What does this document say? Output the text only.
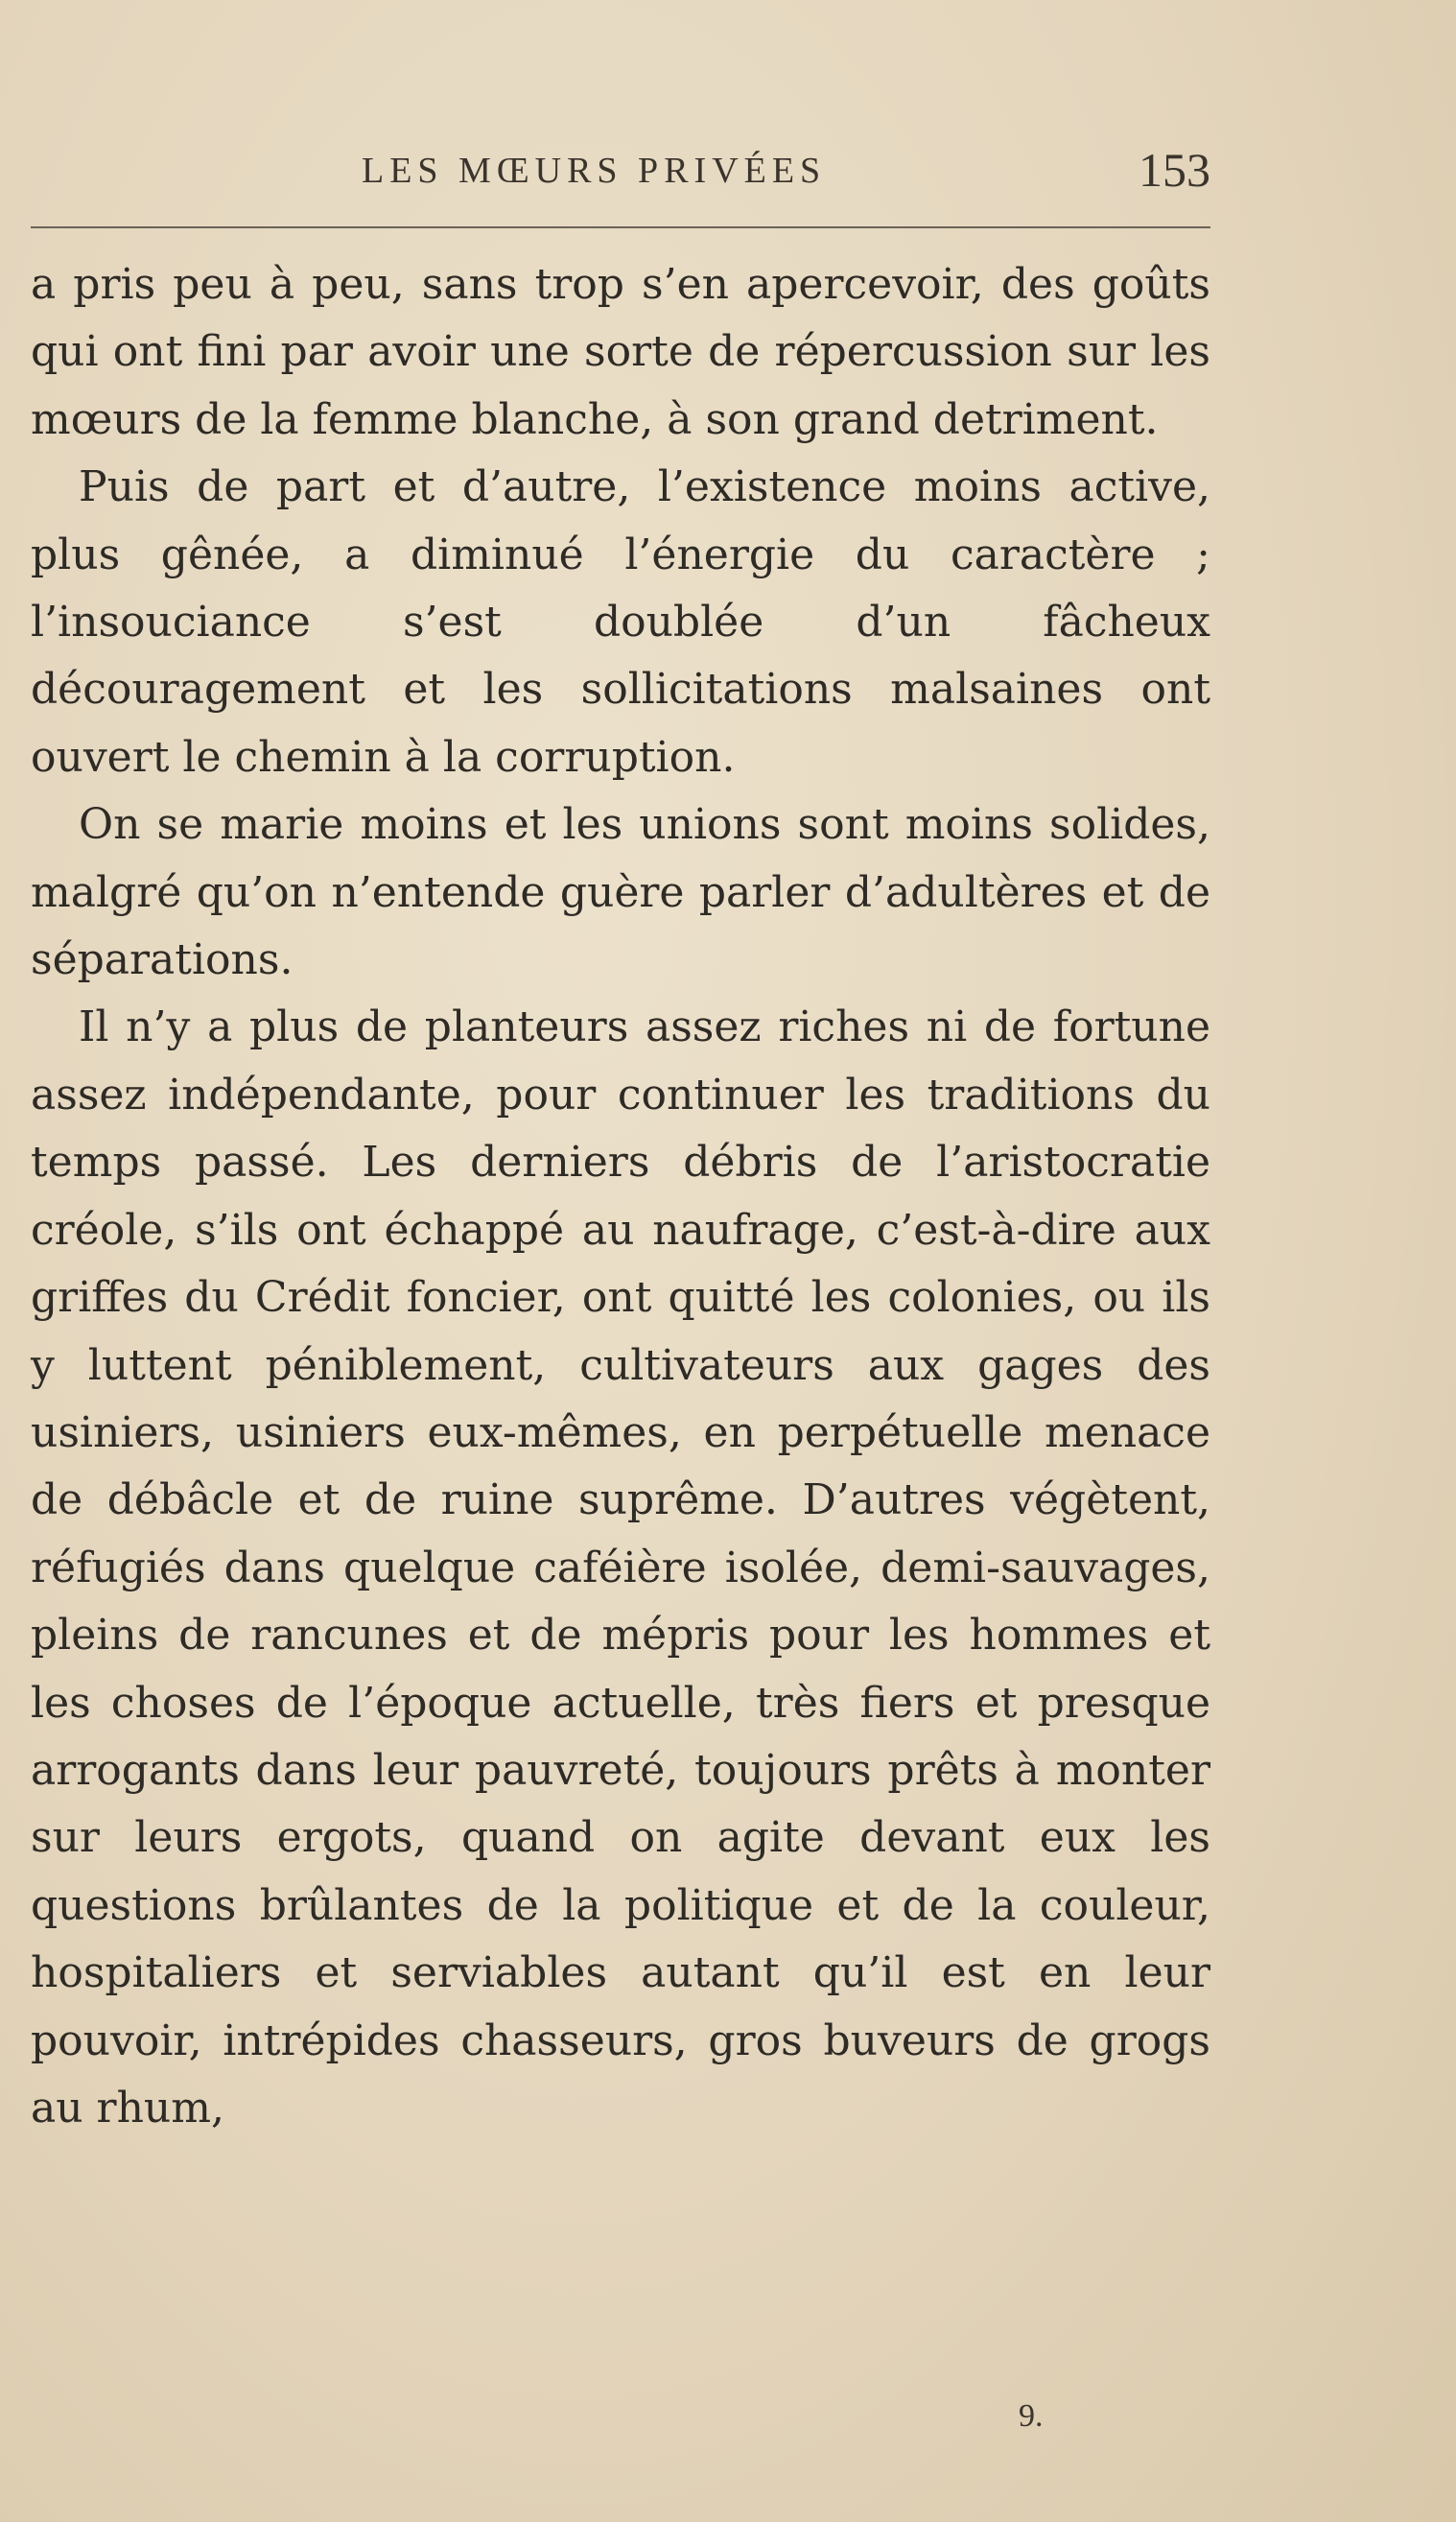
LES MŒURS PRIVÉES	153

a pris peu à peu, sans trop s’en apercevoir, des goûts qui ont fini par avoir une sorte de répercussion sur les mœurs de la femme blanche, à son grand detriment.

Puis de part et d’autre, l’existence moins active, plus gênée, a diminué l’énergie du caractère ; l’insouciance s’est doublée d’un fâcheux découragement et les sollicitations malsaines ont ouvert le chemin à la corruption.

On se marie moins et les unions sont moins solides, malgré qu’on n’entende guère parler d’adultères et de séparations.

Il n’y a plus de planteurs assez riches ni de fortune assez indépendante, pour continuer les traditions du temps passé. Les derniers débris de l’aristocratie créole, s’ils ont échappé au naufrage, c’est-à-dire aux griffes du Crédit foncier, ont quitté les colonies, ou ils y luttent péniblement, cultivateurs aux gages des usiniers, usiniers eux-mêmes, en perpétuelle menace de débâcle et de ruine suprême. D’autres végètent, réfugiés dans quelque caféière isolée, demi-sauvages, pleins de rancunes et de mépris pour les hommes et les choses de l’époque actuelle, très fiers et presque arrogants dans leur pauvreté, toujours prêts à monter sur leurs ergots, quand on agite devant eux les questions brûlantes de la politique et de la couleur, hospitaliers et serviables autant qu’il est en leur pouvoir, intrépides chasseurs, gros buveurs de grogs au rhum,

9.
